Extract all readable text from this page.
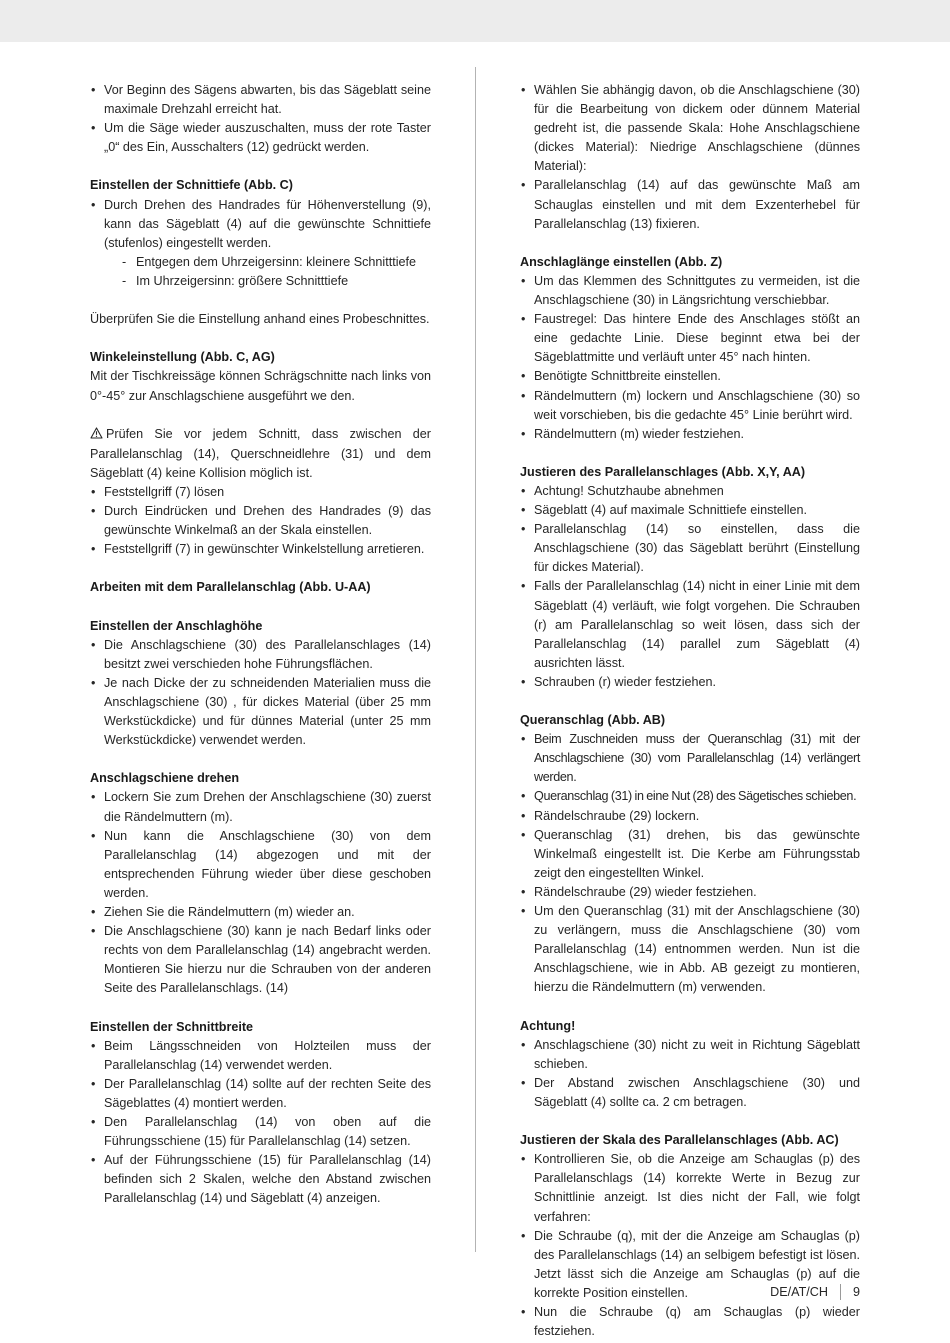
• Vor Beginn des Sägens abwarten, bis das Sägeblatt seine maximale Drehzahl erreicht hat.
• Um die Säge wieder auszuschalten, muss der rote Taster „0“ des Ein, Ausschalters (12) gedrückt werden.
Einstellen der Schnittiefe (Abb. C)
• Durch Drehen des Handrades für Höhenverstellung (9), kann das Sägeblatt (4) auf die gewünschte Schnittiefe (stufenlos) eingestellt werden.
- Entgegen dem Uhrzeigersinn: kleinere Schnitttiefe
- Im Uhrzeigersinn: größere Schnitttiefe
Überprüfen Sie die Einstellung anhand eines Probeschnittes.
Winkeleinstellung (Abb. C, AG)
Mit der Tischkreissäge können Schrägschnitte nach links von 0°-45° zur Anschlagschiene ausgeführt we den.
Prüfen Sie vor jedem Schnitt, dass zwischen der Parallelanschlag (14), Querschneidlehre (31) und dem Sägeblatt (4) keine Kollision möglich ist.
• Feststellgriff (7) lösen
• Durch Eindrücken und Drehen des Handrades (9) das gewünschte Winkelmaß an der Skala einstellen.
• Feststellgriff (7) in gewünschter Winkelstellung arretieren.
Arbeiten mit dem Parallelanschlag (Abb. U-AA)
Einstellen der Anschlaghöhe
• Die Anschlagschiene (30) des Parallelanschlages (14) besitzt zwei verschieden hohe Führungsflächen.
• Je nach Dicke der zu schneidenden Materialien muss die Anschlagschiene (30) , für dickes Material (über 25 mm Werkstückdicke) und für dünnes Material (unter 25 mm Werkstückdicke) verwendet werden.
Anschlagschiene drehen
• Lockern Sie zum Drehen der Anschlagschiene (30) zuerst die Rändelmuttern (m).
• Nun kann die Anschlagschiene (30) von dem Parallelanschlag (14) abgezogen und mit der entsprechenden Führung wieder über diese geschoben werden.
• Ziehen Sie die Rändelmuttern (m) wieder an.
• Die Anschlagschiene (30) kann je nach Bedarf links oder rechts von dem Parallelanschlag (14) angebracht werden. Montieren Sie hierzu nur die Schrauben von der anderen Seite des Parallelanschlags. (14)
Einstellen der Schnittbreite
• Beim Längsschneiden von Holzteilen muss der Parallelanschlag (14) verwendet werden.
• Der Parallelanschlag (14) sollte auf der rechten Seite des Sägeblattes (4) montiert werden.
• Den Parallelanschlag (14) von oben auf die Führungsschiene (15) für Parallelanschlag (14) setzen.
• Auf der Führungsschiene (15) für Parallelanschlag (14) befinden sich 2 Skalen, welche den Abstand zwischen Parallelanschlag (14) und Sägeblatt (4) anzeigen.
• Wählen Sie abhängig davon, ob die Anschlagschiene (30) für die Bearbeitung von dickem oder dünnem Material gedreht ist, die passende Skala: Hohe Anschlagschiene (dickes Material): Niedrige Anschlagschiene (dünnes Material):
• Parallelanschlag (14) auf das gewünschte Maß am Schauglas einstellen und mit dem Exzenterhebel für Parallelanschlag (13) fixieren.
Anschlaglänge einstellen (Abb. Z)
• Um das Klemmen des Schnittgutes zu vermeiden, ist die Anschlagschiene (30) in Längsrichtung verschiebbar.
• Faustregel: Das hintere Ende des Anschlages stößt an eine gedachte Linie. Diese beginnt etwa bei der Sägeblattmitte und verläuft unter 45° nach hinten.
• Benötigte Schnittbreite einstellen.
• Rändelmuttern (m) lockern und Anschlagschiene (30) so weit vorschieben, bis die gedachte 45° Linie berührt wird.
• Rändelmuttern (m) wieder festziehen.
Justieren des Parallelanschlages (Abb. X,Y, AA)
• Achtung! Schutzhaube abnehmen
• Sägeblatt (4) auf maximale Schnittiefe einstellen.
• Parallelanschlag (14) so einstellen, dass die Anschlagschiene (30) das Sägeblatt berührt (Einstellung für dickes Material).
• Falls der Parallelanschlag (14) nicht in einer Linie mit dem Sägeblatt (4) verläuft, wie folgt vorgehen. Die Schrauben (r) am Parallelanschlag so weit lösen, dass sich der Parallelanschlag (14) parallel zum Sägeblatt (4) ausrichten lässt.
• Schrauben (r) wieder festziehen.
Queranschlag (Abb. AB)
• Beim Zuschneiden muss der Queranschlag (31) mit der Anschlagschiene (30) vom Parallelanschlag (14) verlängert werden.
• Queranschlag (31) in eine Nut (28) des Sägetisches schieben.
• Rändelschraube (29) lockern.
• Queranschlag (31) drehen, bis das gewünschte Winkelmaß eingestellt ist. Die Kerbe am Führungsstab zeigt den eingestellten Winkel.
• Rändelschraube (29) wieder festziehen.
• Um den Queranschlag (31) mit der Anschlagschiene (30) zu verlängern, muss die Anschlagschiene (30) vom Parallelanschlag (14) entnommen werden. Nun ist die Anschlagschiene, wie in Abb. AB gezeigt zu montieren, hierzu die Rändelmuttern (m) verwenden.
Achtung!
• Anschlagschiene (30) nicht zu weit in Richtung Sägeblatt schieben.
• Der Abstand zwischen Anschlagschiene (30) und Sägeblatt (4) sollte ca. 2 cm betragen.
Justieren der Skala des Parallelanschlages (Abb. AC)
• Kontrollieren Sie, ob die Anzeige am Schauglas (p) des Parallelanschlags (14) korrekte Werte in Bezug zur Schnittlinie anzeigt. Ist dies nicht der Fall, wie folgt verfahren:
• Die Schraube (q), mit der die Anzeige am Schauglas (p) des Parallelanschlags (14) an selbigem befestigt ist lösen. Jetzt lässt sich die Anzeige am Schauglas (p) auf die korrekte Position einstellen.
• Nun die Schraube (q) am Schauglas (p) wieder festziehen.
DE/AT/CH 9
